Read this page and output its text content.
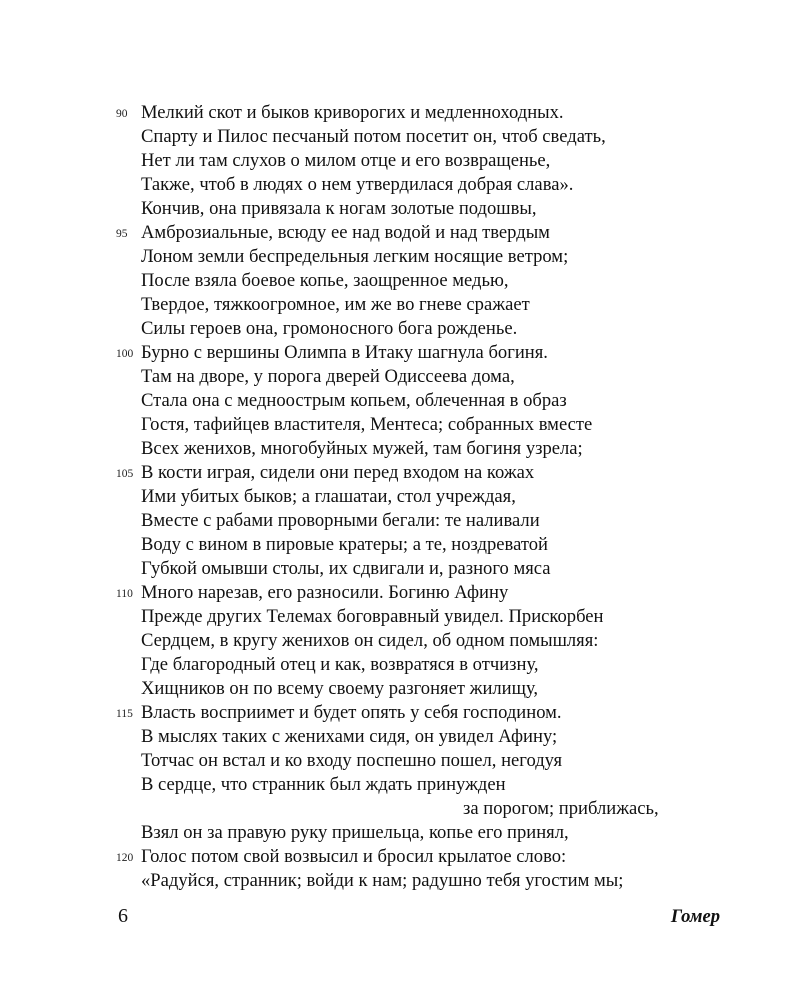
90 Мелкий скот и быков криворогих и медленноходных.
Спарту и Пилос песчаный потом посетит он, чтоб сведать,
Нет ли там слухов о милом отце и его возвращенье,
Также, чтоб в людях о нем утвердилася добрая слава».
Кончив, она привязала к ногам золотые подошвы,
95 Амброзиальные, всюду ее над водой и над твердым
Лоном земли беспредельныя легким носящие ветром;
После взяла боевое копье, заощренное медью,
Твердое, тяжкоогромное, им же во гневе сражает
Силы героев она, громоносного бога рожденье.
100 Бурно с вершины Олимпа в Итаку шагнула богиня.
Там на дворе, у порога дверей Одиссеева дома,
Стала она с медноострым копьем, облеченная в образ
Гостя, тафийцев властителя, Ментеса; собранных вместе
Всех женихов, многобуйных мужей, там богиня узрела;
105 В кости играя, сидели они перед входом на кожах
Ими убитых быков; а глашатаи, стол учреждая,
Вместе с рабами проворными бегали: те наливали
Воду с вином в пировые кратеры; а те, ноздреватой
Губкой омывши столы, их сдвигали и, разного мяса
110 Много нарезав, его разносили. Богиню Афину
Прежде других Телемах боговравный увидел. Прискорбен
Сердцем, в кругу женихов он сидел, об одном помышляя:
Где благородный отец и как, возвратяся в отчизну,
Хищников он по всему своему разгоняет жилищу,
115 Власть восприимет и будет опять у себя господином.
В мыслях таких с женихами сидя, он увидел Афину;
Тотчас он встал и ко входу поспешно пошел, негодуя
В сердце, что странник был ждать принужден
за порогом; приближась,
Взял он за правую руку пришельца, копье его принял,
120 Голос потом свой возвысил и бросил крылатое слово:
«Радуйся, странник; войди к нам; радушно тебя угостим мы;
6	Гомер
